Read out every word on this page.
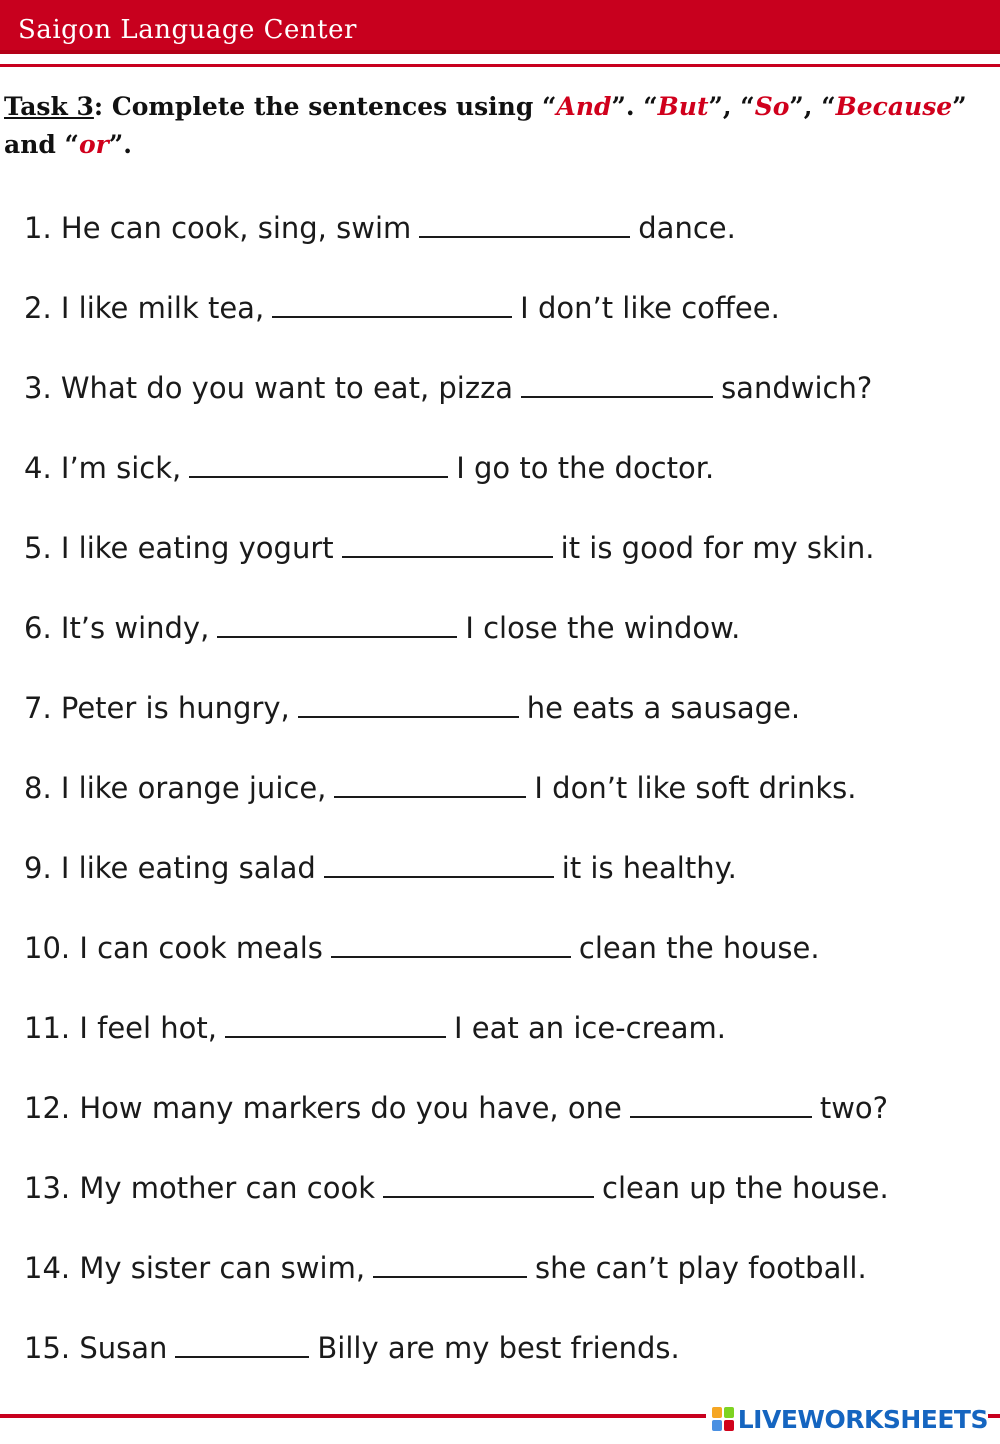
Saigon Language Center
Task 3: Complete the sentences using “And”. “But”, “So”, “Because” and “or”.
1. He can cook, sing, swim	dance.
2. I like milk tea,	I don’t like coffee.
3. What do you want to eat, pizza	sandwich?
4. I’m sick,	I go to the doctor.
5. I like eating yogurt	it is good for my skin.
6. It’s windy,	I close the window.
7. Peter is hungry,	he eats a sausage.
8. I like orange juice,	I don’t like soft drinks.
9. I like eating salad	it is healthy.
10. I can cook meals	clean the house.
11. I feel hot,	I eat an ice-cream.
12. How many markers do you have, one	two?
13. My mother can cook	clean up the house.
14. My sister can swim,	she can’t play football.
15. Susan	Billy are my best friends.
LIVEWORKSHEETS
